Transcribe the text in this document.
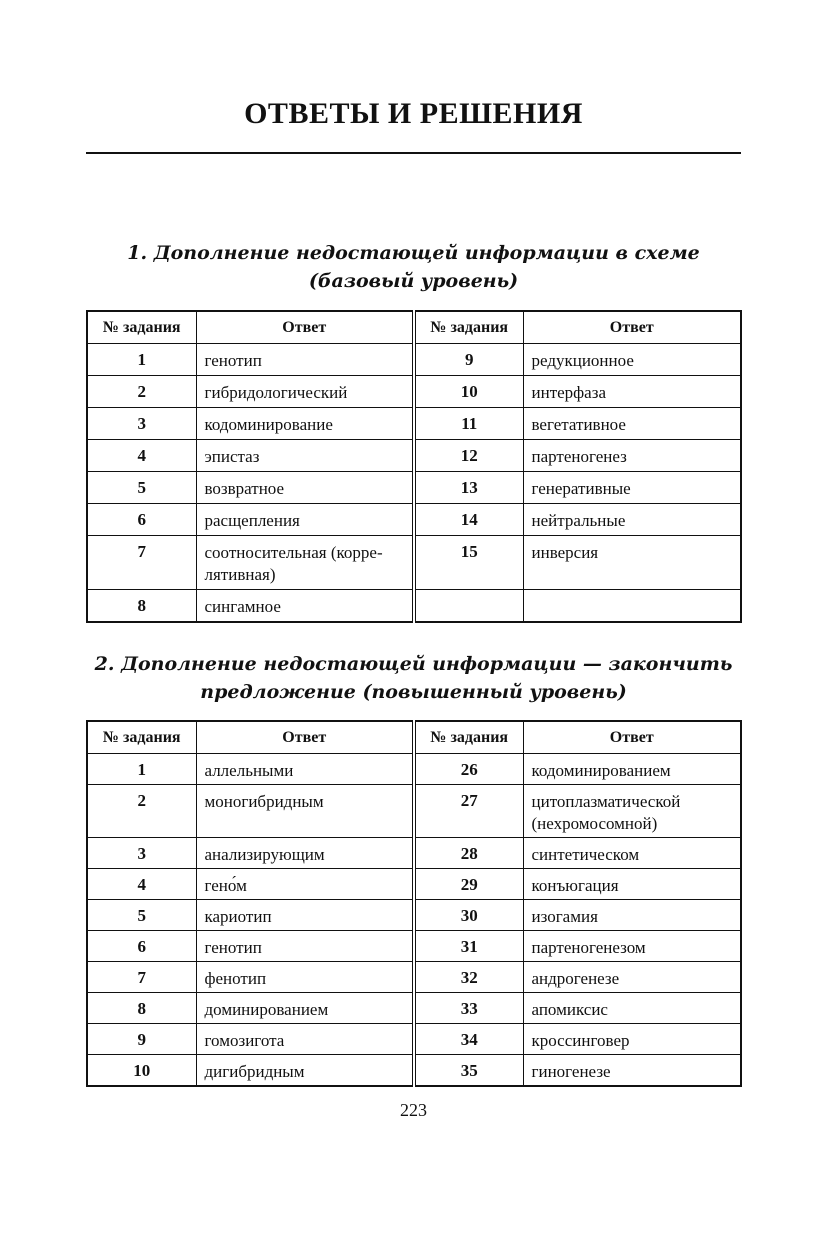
ОТВЕТЫ И РЕШЕНИЯ
1. Дополнение недостающей информации в схеме
(базовый уровень)
№ задания	Ответ	№ задания	Ответ
1	генотип	9	редукционное
2	гибридологический	10	интерфаза
3	кодоминирование	11	вегетативное
4	эпистаз	12	партеногенез
5	возвратное	13	генеративные
6	расщепления	14	нейтральные
7	соотносительная (корре-
лятивная)	15	инверсия
8	сингамное		
2. Дополнение недостающей информации — закончить
предложение (повышенный уровень)
№ задания	Ответ	№ задания	Ответ
1	аллельными	26	кодоминированием
2	моногибридным	27	цитоплазматической
(нехромосомной)
3	анализирующим	28	синтетическом
4	гено́м	29	конъюгация
5	кариотип	30	изогамия
6	генотип	31	партеногенезом
7	фенотип	32	андрогенезе
8	доминированием	33	апомиксис
9	гомозигота	34	кроссинговер
10	дигибридным	35	гиногенезе
223
